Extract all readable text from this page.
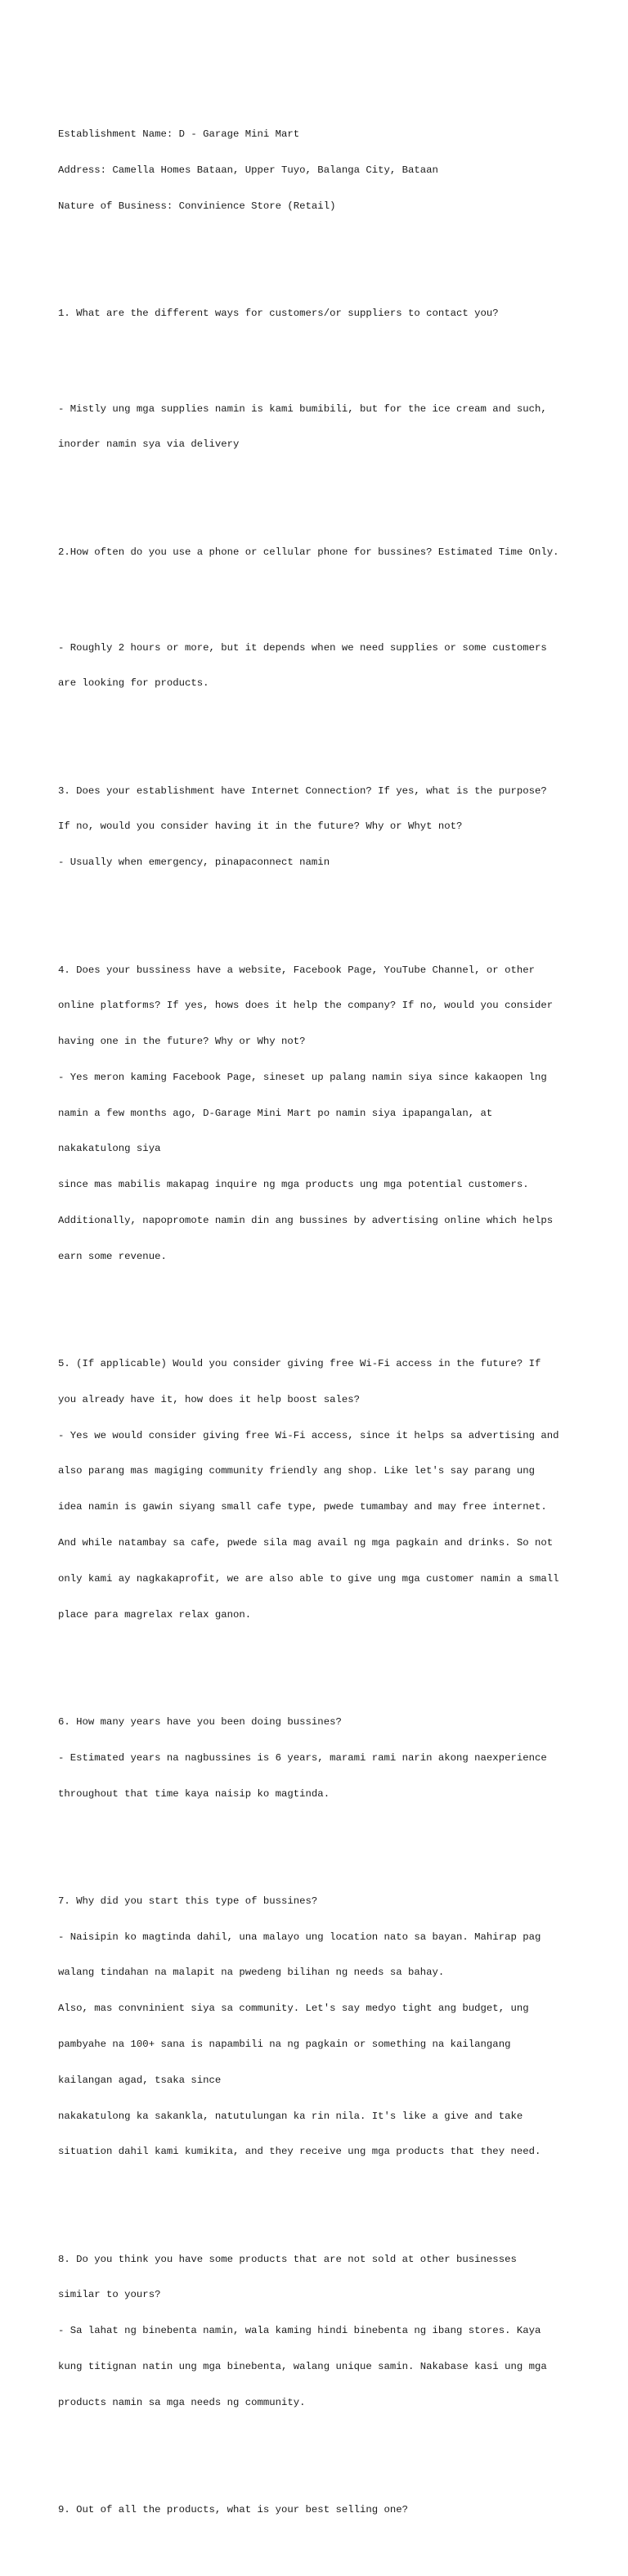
Establishment Name: D - Garage Mini Mart

Address: Camella Homes Bataan, Upper Tuyo, Balanga City, Bataan

Nature of Business: Convinience Store (Retail)

1. What are the different ways for customers/or suppliers to contact you?

- Mistly ung mga supplies namin is kami bumibili, but for the ice cream and such,

inorder namin sya via delivery

2.How often do you use a phone or cellular phone for bussines? Estimated Time Only.

- Roughly 2 hours or more, but it depends when we need supplies or some customers

are looking for products.

3. Does your establishment have Internet Connection? If yes, what is the purpose?

If no, would you consider having it in the future? Why or Whyt not?

- Usually when emergency, pinapaconnect namin

4. Does your bussiness have a website, Facebook Page, YouTube Channel, or other

online platforms? If yes, hows does it help the company? If no, would you consider

having one in the future? Why or Why not?

- Yes meron kaming Facebook Page, sineset up palang namin siya since kakaopen lng

namin a few months ago, D-Garage Mini Mart po namin siya ipapangalan, at

nakakatulong siya

since mas mabilis makapag inquire ng mga products ung mga potential customers.

Additionally, napopromote namin din ang bussines by advertising online which helps

earn some revenue.

5. (If applicable) Would you consider giving free Wi-Fi access in the future? If

you already have it, how does it help boost sales?

- Yes we would consider giving free Wi-Fi access, since it helps sa advertising and

also parang mas magiging community friendly ang shop. Like let's say parang ung

idea namin is gawin siyang small cafe type, pwede tumambay and may free internet.

And while natambay sa cafe, pwede sila mag avail ng mga pagkain and drinks. So not

only kami ay nagkakaprofit, we are also able to give ung mga customer namin a small

place para magrelax relax ganon.

6. How many years have you been doing bussines?

- Estimated years na nagbussines is 6 years, marami rami narin akong naexperience

throughout that time kaya naisip ko magtinda.

7. Why did you start this type of bussines?

- Naisipin ko magtinda dahil, una malayo ung location nato sa bayan. Mahirap pag

walang tindahan na malapit na pwedeng bilihan ng needs sa bahay.

Also, mas convninient siya sa community. Let's say medyo tight ang budget, ung

pambyahe na 100+ sana is napambili na ng pagkain or something na kailangang

kailangan agad, tsaka since

nakakatulong ka sakankla, natutulungan ka rin nila. It's like a give and take

situation dahil kami kumikita, and they receive ung mga products that they need.

8. Do you think you have some products that are not sold at other businesses

similar to yours?

- Sa lahat ng binebenta namin, wala kaming hindi binebenta ng ibang stores. Kaya

kung titignan natin ung mga binebenta, walang unique samin. Nakabase kasi ung mga

products namin sa mga needs ng community.

9. Out of all the products, what is your best selling one?
